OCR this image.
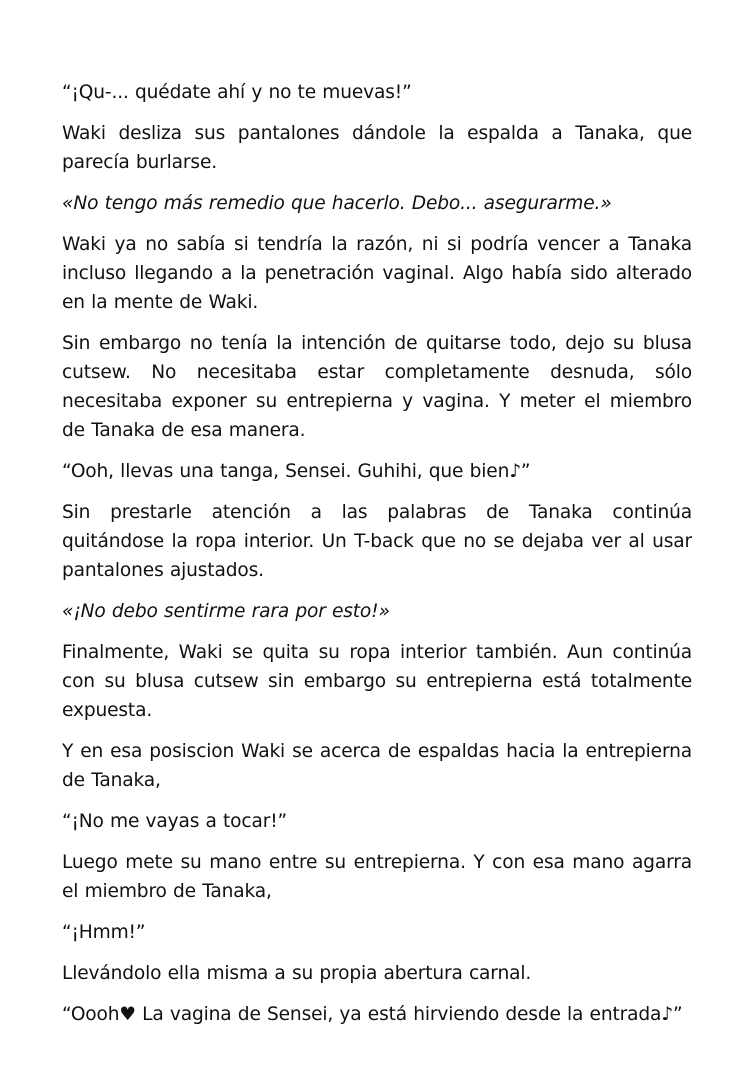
“¡Qu-... quédate ahí y no te muevas!”

Waki desliza sus pantalones dándole la espalda a Tanaka, que parecía burlarse.

«No tengo más remedio que hacerlo. Debo... asegurarme.»

Waki ya no sabía si tendría la razón, ni si podría vencer a Tanaka incluso llegando a la penetración vaginal. Algo había sido alterado en la mente de Waki.

Sin embargo no tenía la intención de quitarse todo, dejo su blusa cutsew. No necesitaba estar completamente desnuda, sólo necesitaba exponer su entrepierna y vagina. Y meter el miembro de Tanaka de esa manera.

“Ooh, llevas una tanga, Sensei. Guhihi, que bien♪”

Sin prestarle atención a las palabras de Tanaka continúa quitándose la ropa interior. Un T-back que no se dejaba ver al usar pantalones ajustados.

«¡No debo sentirme rara por esto!»

Finalmente, Waki se quita su ropa interior también. Aun continúa con su blusa cutsew sin embargo su entrepierna está totalmente expuesta.

Y en esa posiscion Waki se acerca de espaldas hacia la entrepierna de Tanaka,

“¡No me vayas a tocar!”

Luego mete su mano entre su entrepierna. Y con esa mano agarra el miembro de Tanaka,

“¡Hmm!”

Llevándolo ella misma a su propia abertura carnal.

“Oooh♥ La vagina de Sensei, ya está hirviendo desde la entrada♪”
